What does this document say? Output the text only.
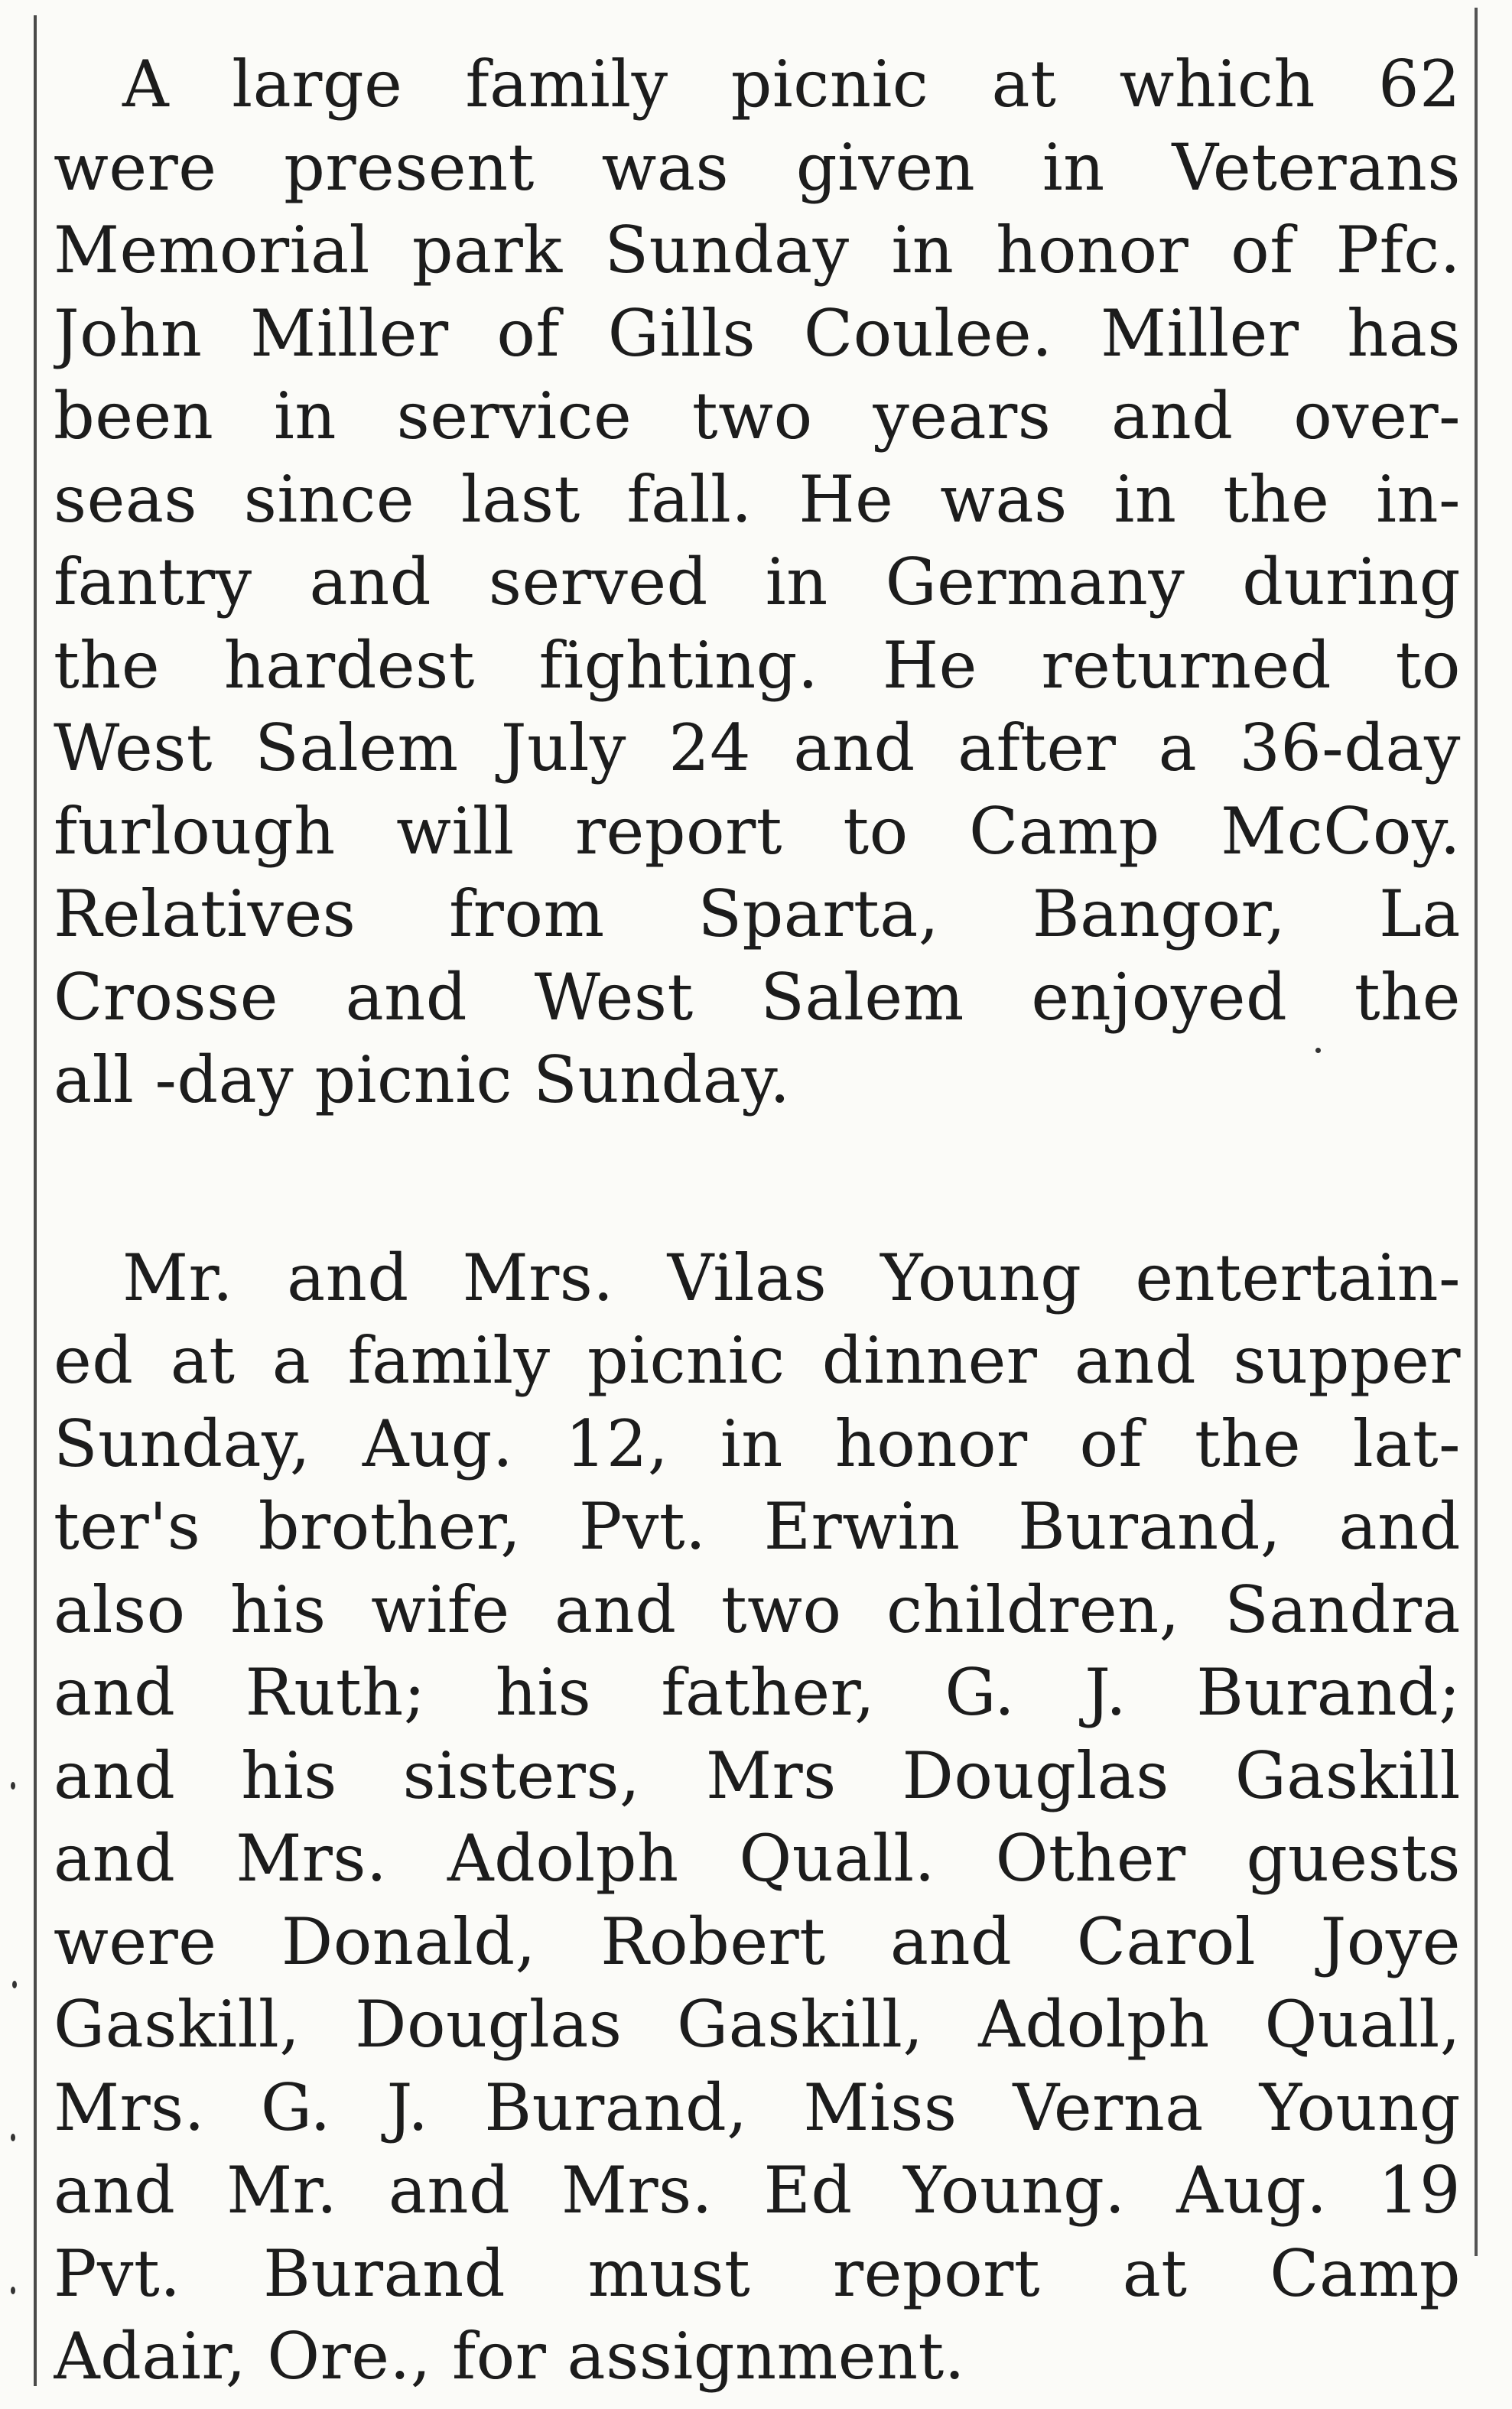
A large family picnic at which 62
were present was given in Veterans
Memorial park Sunday in honor of Pfc.
John Miller of Gills Coulee. Miller has
been in service two years and over-
seas since last fall. He was in the in-
fantry and served in Germany during
the hardest fighting. He returned to
West Salem July 24 and after a 36-day
furlough will report to Camp McCoy.
Relatives from Sparta, Bangor, La
Crosse and West Salem enjoyed the
all -day picnic Sunday.

Mr. and Mrs. Vilas Young entertain-
ed at a family picnic dinner and supper
Sunday, Aug. 12, in honor of the lat-
ter's brother, Pvt. Erwin Burand, and
also his wife and two children, Sandra
and Ruth; his father, G. J. Burand;
and his sisters, Mrs Douglas Gaskill
and Mrs. Adolph Quall. Other guests
were Donald, Robert and Carol Joye
Gaskill, Douglas Gaskill, Adolph Quall,
Mrs. G. J. Burand, Miss Verna Young
and Mr. and Mrs. Ed Young. Aug. 19
Pvt. Burand must report at Camp
Adair, Ore., for assignment.
